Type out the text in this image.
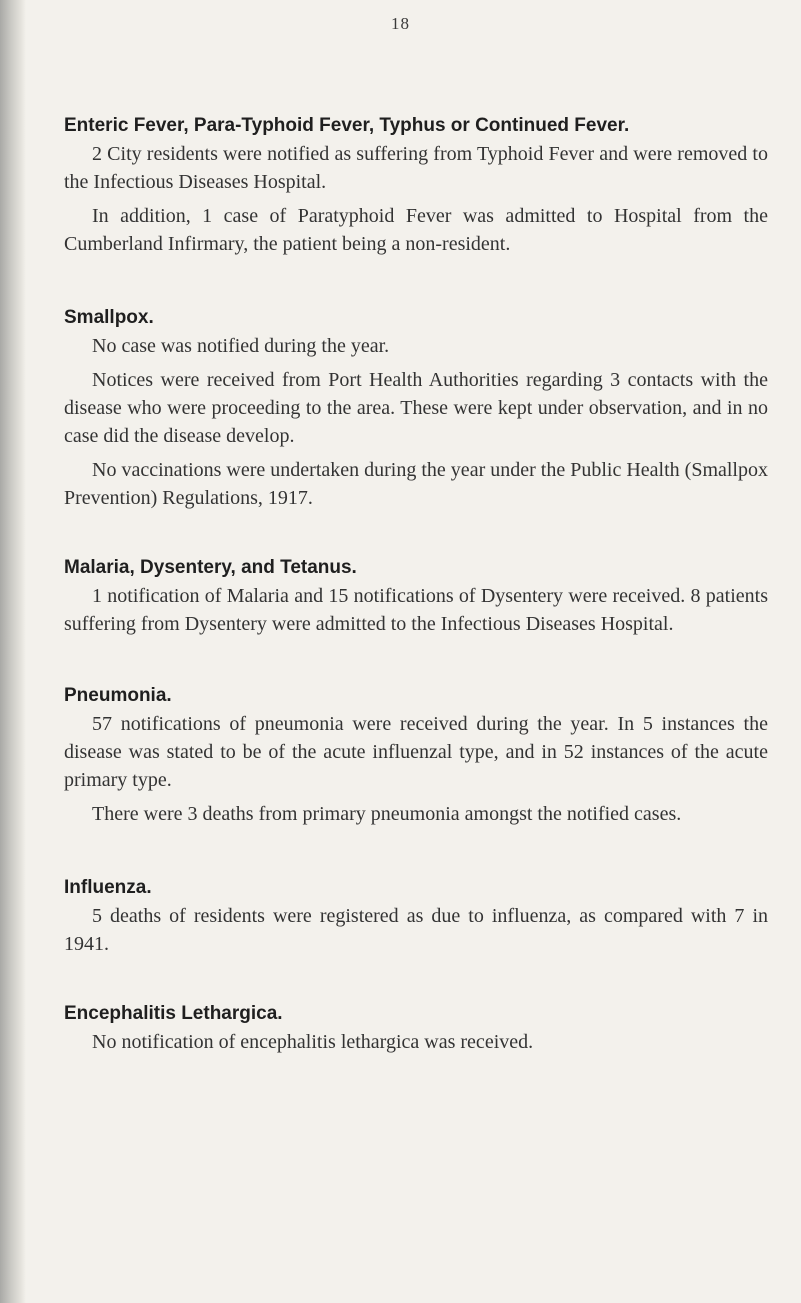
18
Enteric Fever, Para-Typhoid Fever, Typhus or Continued Fever.

2 City residents were notified as suffering from Typhoid Fever and were removed to the Infectious Diseases Hospital.

In addition, 1 case of Paratyphoid Fever was admitted to Hospital from the Cumberland Infirmary, the patient being a non-resident.

Smallpox.

No case was notified during the year.

Notices were received from Port Health Authorities regarding 3 contacts with the disease who were proceeding to the area. These were kept under observation, and in no case did the disease develop.

No vaccinations were undertaken during the year under the Public Health (Smallpox Prevention) Regulations, 1917.

Malaria, Dysentery, and Tetanus.

1 notification of Malaria and 15 notifications of Dysentery were received. 8 patients suffering from Dysentery were admitted to the Infectious Diseases Hospital.

Pneumonia.

57 notifications of pneumonia were received during the year. In 5 instances the disease was stated to be of the acute influenzal type, and in 52 instances of the acute primary type.

There were 3 deaths from primary pneumonia amongst the notified cases.

Influenza.

5 deaths of residents were registered as due to influenza, as compared with 7 in 1941.

Encephalitis Lethargica.

No notification of encephalitis lethargica was received.
